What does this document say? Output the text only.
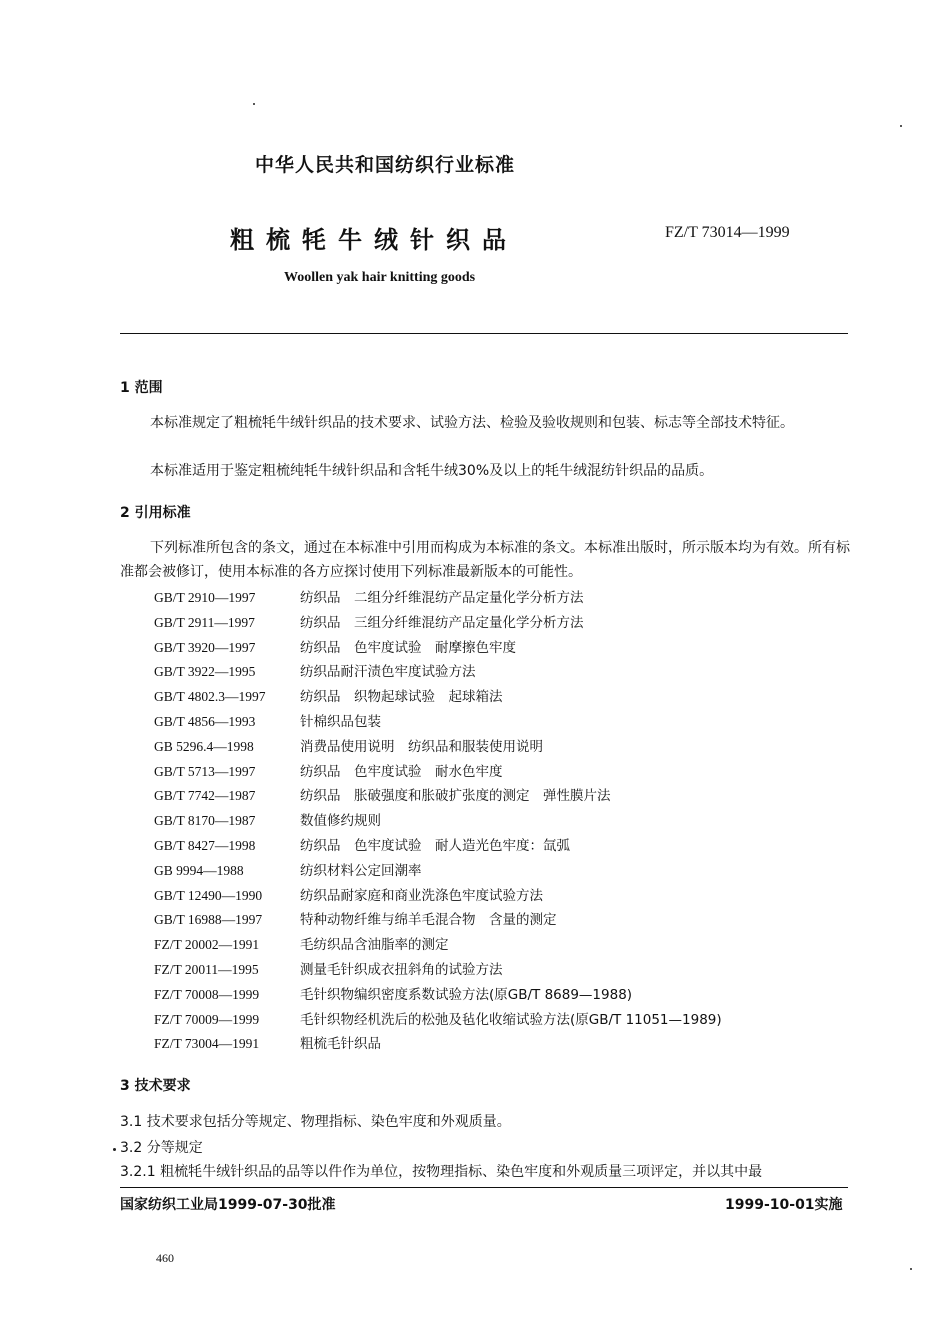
中华人民共和国纺织行业标准
粗梳牦牛绒针织品	FZ/T 73014—1999
Woollen yak hair knitting goods
1 范围
本标准规定了粗梳牦牛绒针织品的技术要求、试验方法、检验及验收规则和包装、标志等全部技术特征。
本标准适用于鉴定粗梳纯牦牛绒针织品和含牦牛绒30%及以上的牦牛绒混纺针织品的品质。
2 引用标准
下列标准所包含的条文，通过在本标准中引用而构成为本标准的条文。本标准出版时，所示版本均为有效。所有标准都会被修订，使用本标准的各方应探讨使用下列标准最新版本的可能性。
GB/T 2910—1997	纺织品　二组分纤维混纺产品定量化学分析方法
GB/T 2911—1997	纺织品　三组分纤维混纺产品定量化学分析方法
GB/T 3920—1997	纺织品　色牢度试验　耐摩擦色牢度
GB/T 3922—1995	纺织品耐汗渍色牢度试验方法
GB/T 4802.3—1997	纺织品　织物起球试验　起球箱法
GB/T 4856—1993	针棉织品包装
GB 5296.4—1998	消费品使用说明　纺织品和服装使用说明
GB/T 5713—1997	纺织品　色牢度试验　耐水色牢度
GB/T 7742—1987	纺织品　胀破强度和胀破扩张度的测定　弹性膜片法
GB/T 8170—1987	数值修约规则
GB/T 8427—1998	纺织品　色牢度试验　耐人造光色牢度：氙弧
GB 9994—1988	纺织材料公定回潮率
GB/T 12490—1990	纺织品耐家庭和商业洗涤色牢度试验方法
GB/T 16988—1997	特种动物纤维与绵羊毛混合物　含量的测定
FZ/T 20002—1991	毛纺织品含油脂率的测定
FZ/T 20011—1995	测量毛针织成衣扭斜角的试验方法
FZ/T 70008—1999	毛针织物编织密度系数试验方法(原GB/T 8689—1988)
FZ/T 70009—1999	毛针织物经机洗后的松弛及毡化收缩试验方法(原GB/T 11051—1989)
FZ/T 73004—1991	粗梳毛针织品
3 技术要求
3.1 技术要求包括分等规定、物理指标、染色牢度和外观质量。
3.2 分等规定
3.2.1 粗梳牦牛绒针织品的品等以件作为单位，按物理指标、染色牢度和外观质量三项评定，并以其中最
国家纺织工业局1999-07-30批准	1999-10-01实施
460
